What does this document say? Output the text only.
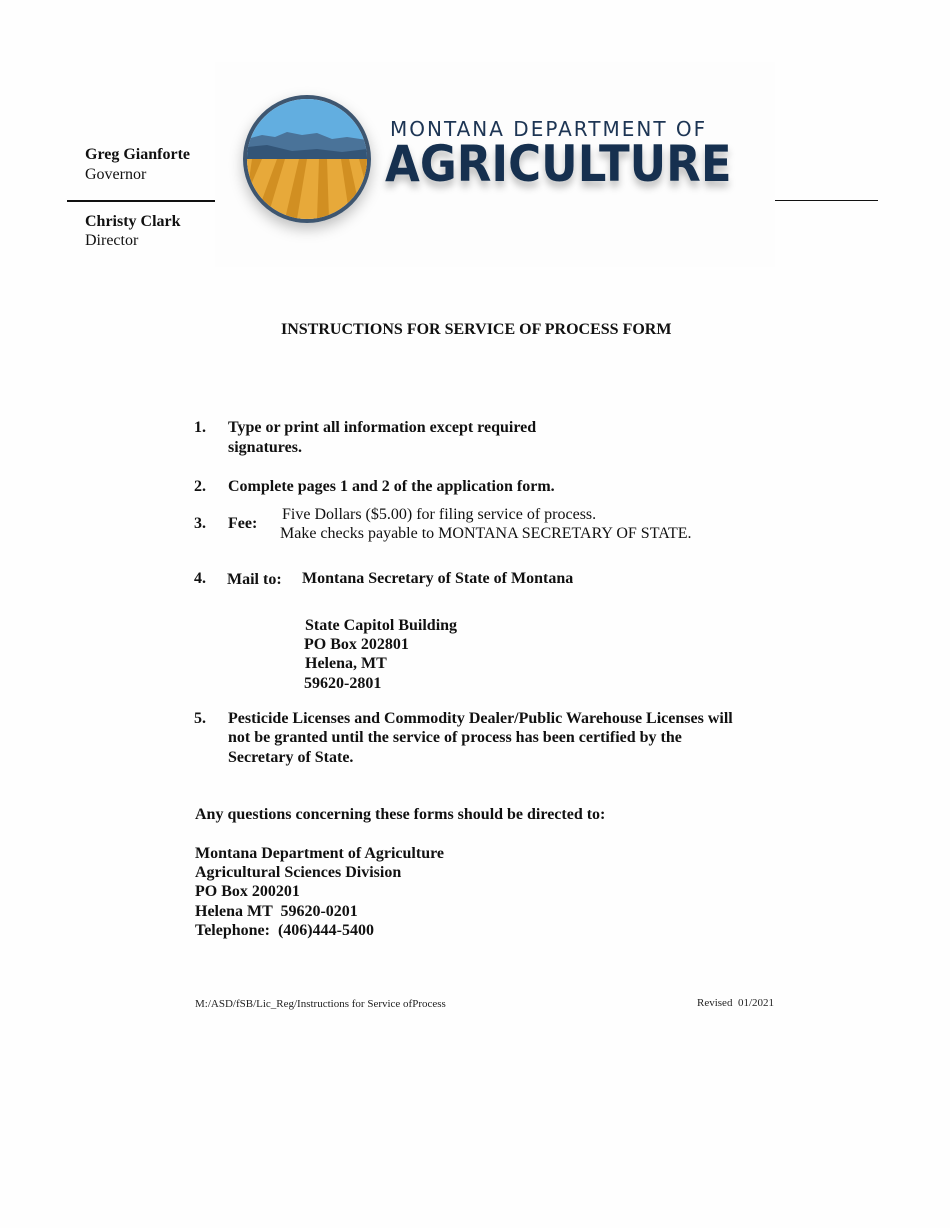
Greg Gianforte
Governor
Christy Clark
Director
MONTANA DEPARTMENT OF
AGRICULTURE
INSTRUCTIONS FOR SERVICE OF PROCESS FORM
1. Type or print all information except required
signatures.
2. Complete pages 1 and 2 of the application form.
3. Fee:
Five Dollars ($5.00) for filing service of process.
Make checks payable to MONTANA SECRETARY OF STATE.
4. Mail to: Montana Secretary of State of Montana
State Capitol Building
PO Box 202801
Helena, MT
59620-2801
5. Pesticide Licenses and Commodity Dealer/Public Warehouse Licenses will
not be granted until the service of process has been certified by the
Secretary of State.
Any questions concerning these forms should be directed to:
Montana Department of Agriculture
Agricultural Sciences Division
PO Box 200201
Helena MT  59620-0201
Telephone:  (406)444-5400
M:/ASD/fSB/Lic_Reg/Instructions for Service ofProcess	Revised  01/2021
